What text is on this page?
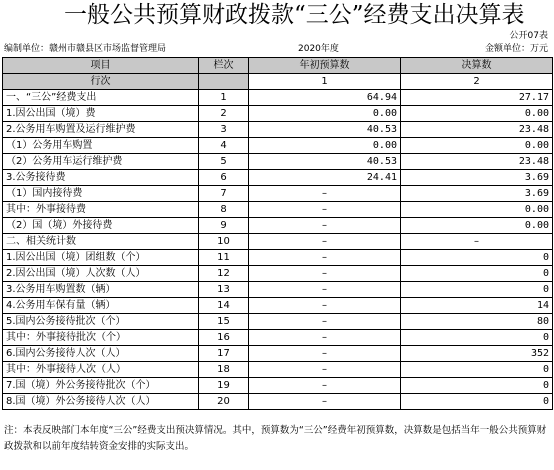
一般公共预算财政拨款“三公”经费支出决算表
公开07表
编制单位：赣州市赣县区市场监督管理局	2020年度	金额单位：万元
项目	栏次	年初预算数	决算数
行次		1	2
一、“三公”经费支出	1	64.94	27.17
1.因公出国（境）费	2	0.00	0.00
2.公务用车购置及运行维护费	3	40.53	23.48
（1）公务用车购置	4	0.00	0.00
（2）公务用车运行维护费	5	40.53	23.48
3.公务接待费	6	24.41	3.69
（1）国内接待费	7	–	3.69
其中：外事接待费	8	–	0.00
（2）国（境）外接待费	9	–	0.00
二、相关统计数	10	–	–
1.因公出国（境）团组数（个）	11	–	0
2.因公出国（境）人次数（人）	12	–	0
3.公务用车购置数（辆）	13	–	0
4.公务用车保有量（辆）	14	–	14
5.国内公务接待批次（个）	15	–	80
其中：外事接待批次（个）	16	–	0
6.国内公务接待人次（人）	17	–	352
其中：外事接待人次（人）	18	–	0
7.国（境）外公务接待批次（个）	19	–	0
8.国（境）外公务接待人次（人）	20	–	0
注：本表反映部门本年度“三公”经费支出预决算情况。其中，预算数为“三公”经费年初预算数，决算数是包括当年一般公共预算财政拨款和以前年度结转资金安排的实际支出。
